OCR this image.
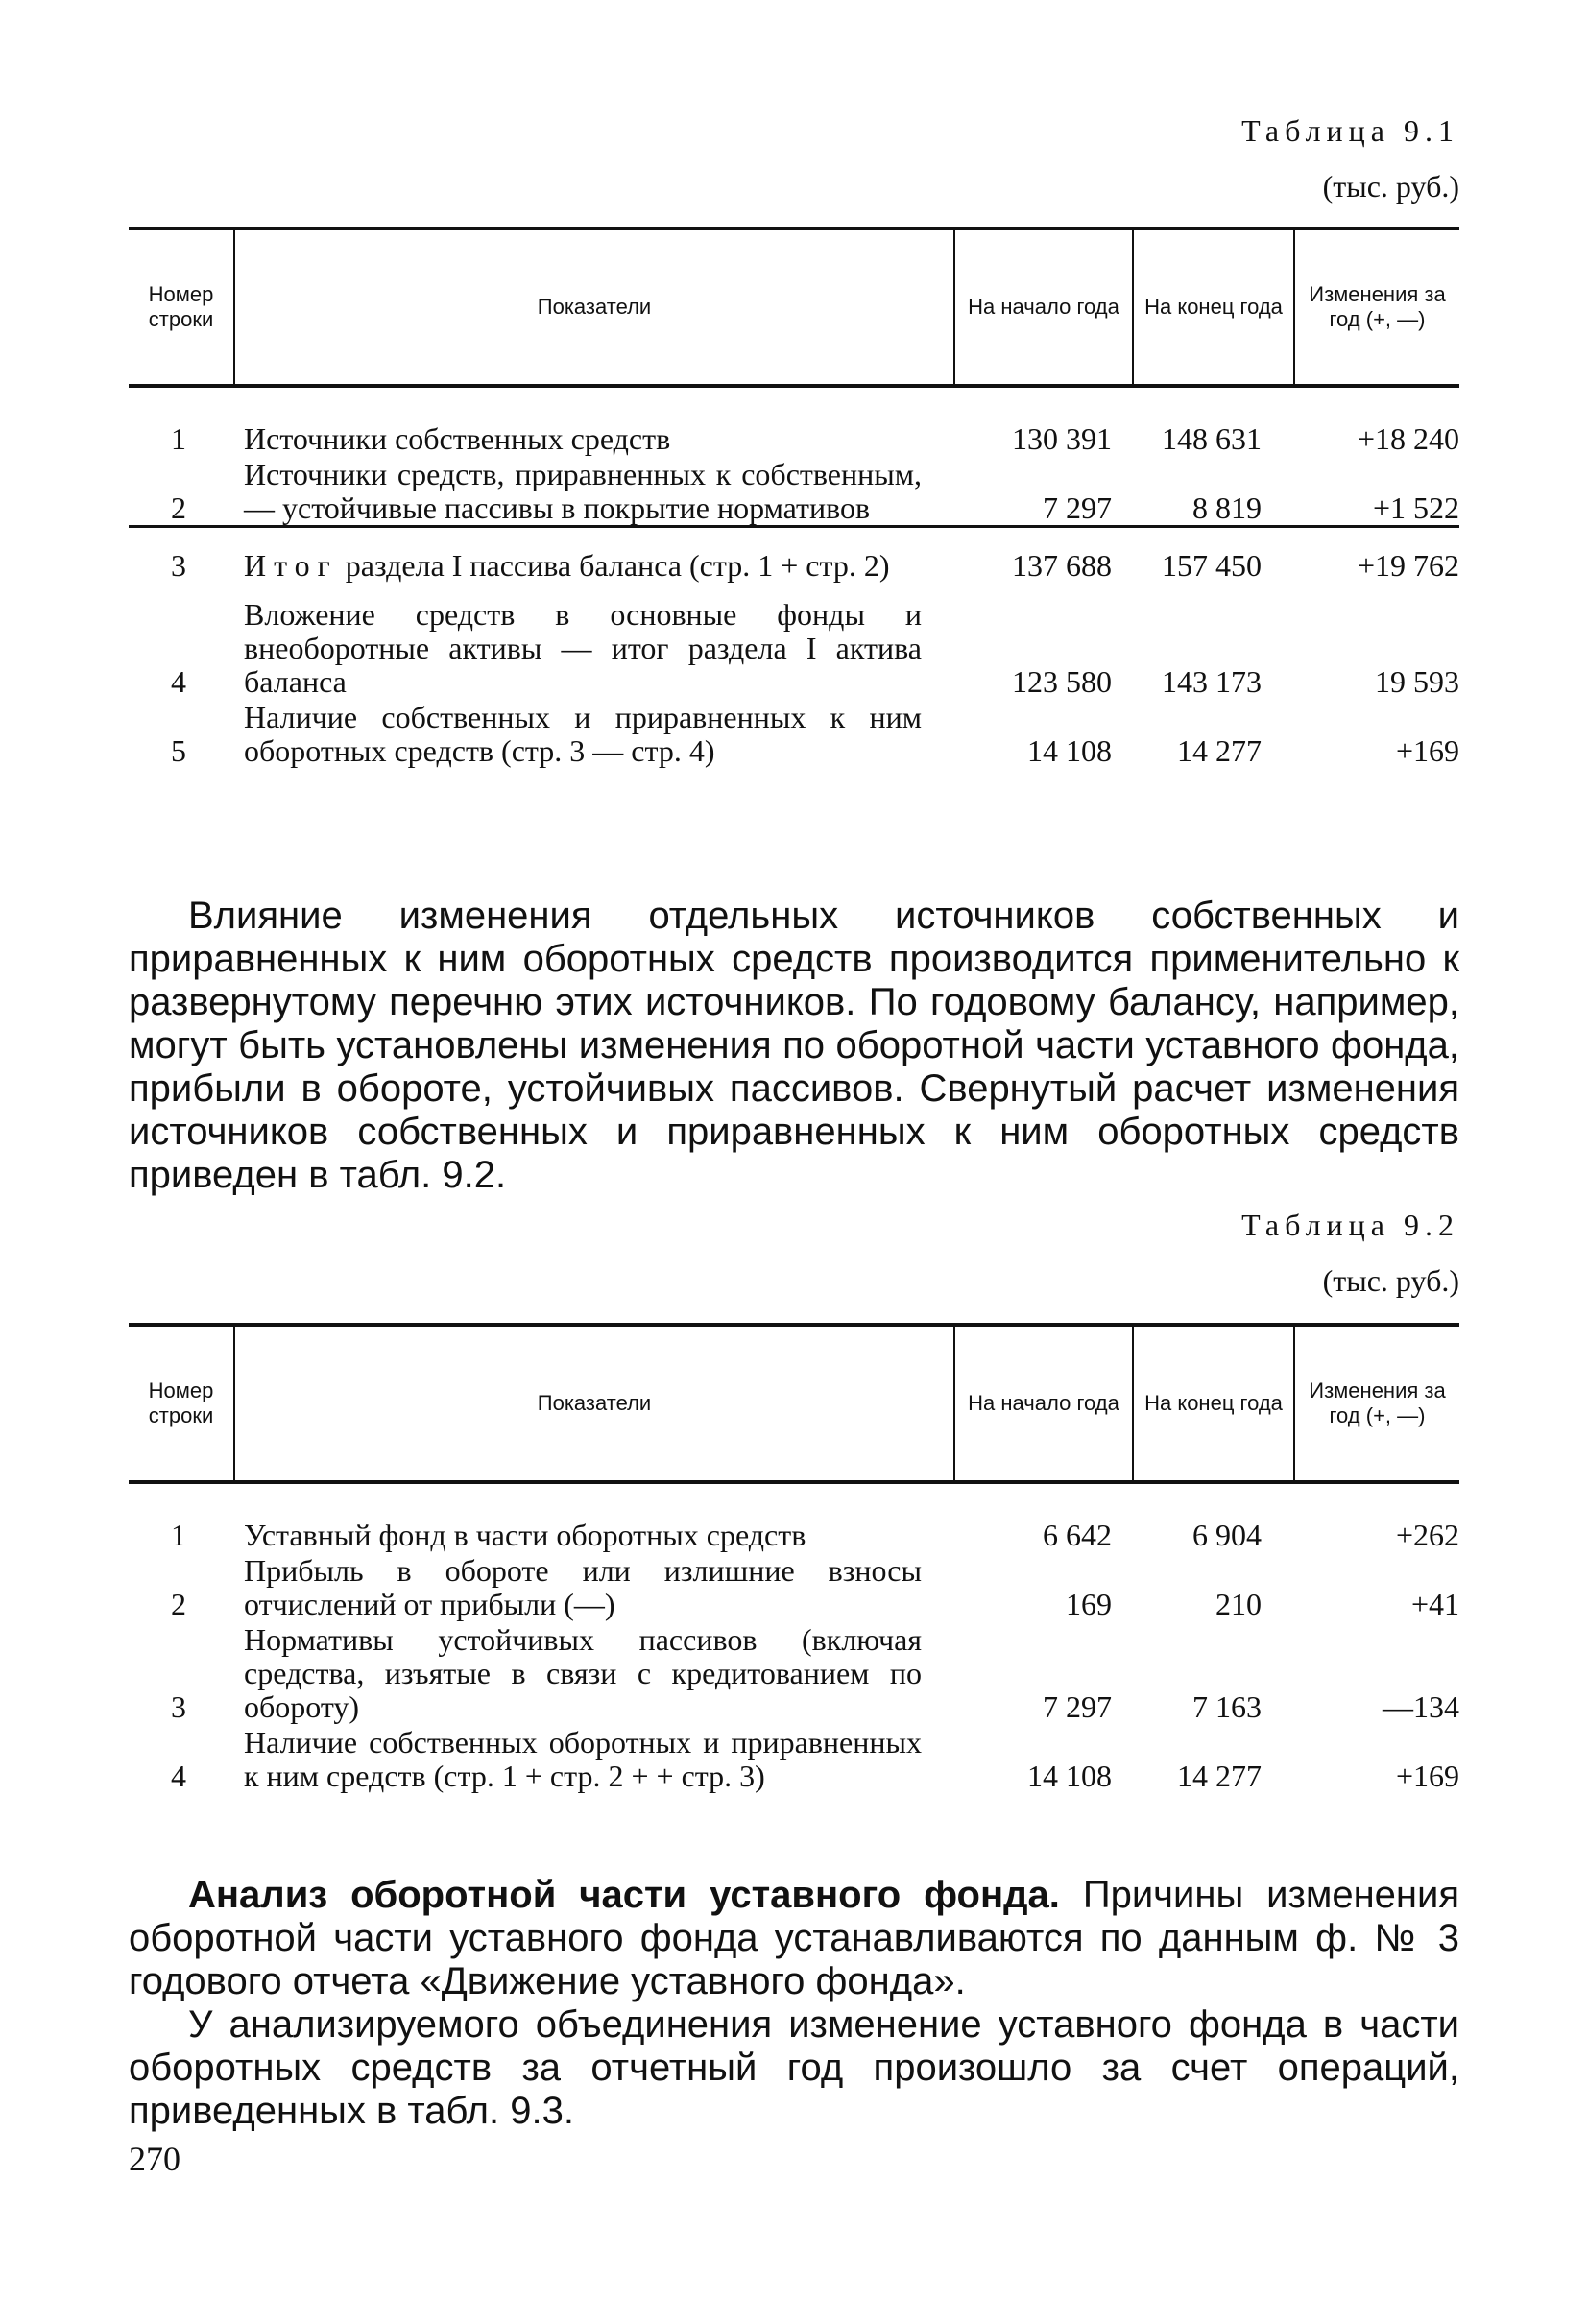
Таблица 9.1
(тыс. руб.)
Номер строки	Показатели	На начало года	На конец года	Изменения за год (+, —)
1	Источники собственных средств	130 391	148 631	+18 240
2	Источники средств, приравненных к собственным, — устойчивые пассивы в покрытие нормативов	7 297	8 819	+1 522
3	Итог раздела I пассива баланса (стр. 1 + стр. 2)	137 688	157 450	+19 762
4	Вложение средств в основные фонды и внеоборотные активы — итог раздела I актива баланса	123 580	143 173	19 593
5	Наличие собственных и приравненных к ним оборотных средств (стр. 3 — стр. 4)	14 108	14 277	+169

Влияние изменения отдельных источников собственных и приравненных к ним оборотных средств производится применительно к развернутому перечню этих источников. По годовому балансу, например, могут быть установлены изменения по оборотной части уставного фонда, прибыли в обороте, устойчивых пассивов. Свернутый расчет изменения источников собственных и приравненных к ним оборотных средств приведен в табл. 9.2.

Таблица 9.2
(тыс. руб.)
Номер строки	Показатели	На начало года	На конец года	Изменения за год (+, —)
1	Уставный фонд в части оборотных средств	6 642	6 904	+262
2	Прибыль в обороте или излишние взносы отчислений от прибыли (—)	169	210	+41
3	Нормативы устойчивых пассивов (включая средства, изъятые в связи с кредитованием по обороту)	7 297	7 163	—134
4	Наличие собственных оборотных и приравненных к ним средств (стр. 1 + стр. 2 + + стр. 3)	14 108	14 277	+169

Анализ оборотной части уставного фонда. Причины изменения оборотной части уставного фонда устанавливаются по данным ф. № 3 годового отчета «Движение уставного фонда».

У анализируемого объединения изменение уставного фонда в части оборотных средств за отчетный год произошло за счет операций, приведенных в табл. 9.3.

270
